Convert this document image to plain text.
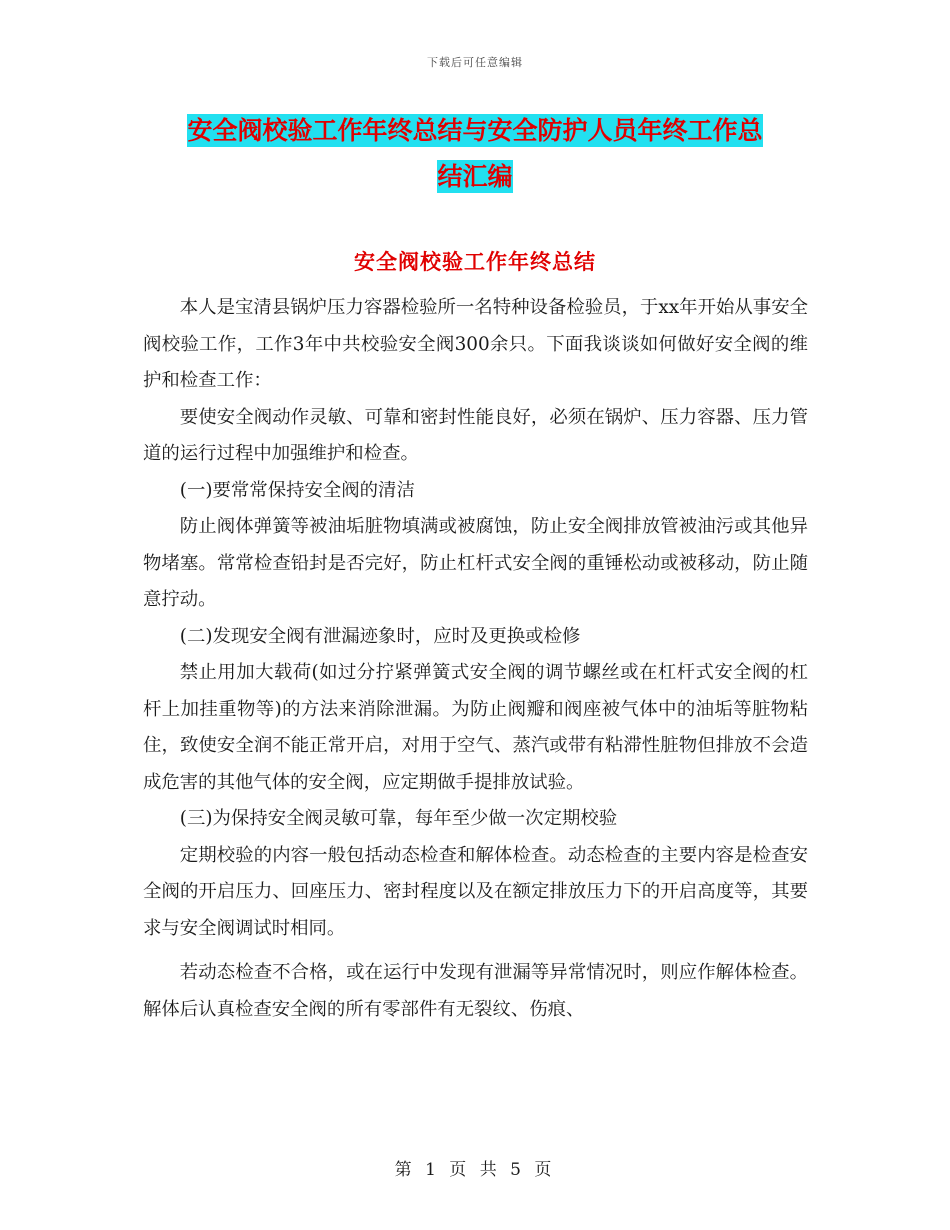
下载后可任意编辑
安全阀校验工作年终总结与安全防护人员年终工作总
结汇编
安全阀校验工作年终总结

本人是宝清县锅炉压力容器检验所一名特种设备检验员，于xx年开始从事安全阀校验工作，工作3年中共校验安全阀300余只。下面我谈谈如何做好安全阀的维护和检查工作：

要使安全阀动作灵敏、可靠和密封性能良好，必须在锅炉、压力容器、压力管道的运行过程中加强维护和检查。

(一)要常常保持安全阀的清洁

防止阀体弹簧等被油垢脏物填满或被腐蚀，防止安全阀排放管被油污或其他异物堵塞。常常检查铅封是否完好，防止杠杆式安全阀的重锤松动或被移动，防止随意拧动。

(二)发现安全阀有泄漏迹象时，应时及更换或检修

禁止用加大载荷(如过分拧紧弹簧式安全阀的调节螺丝或在杠杆式安全阀的杠杆上加挂重物等)的方法来消除泄漏。为防止阀瓣和阀座被气体中的油垢等脏物粘住，致使安全润不能正常开启，对用于空气、蒸汽或带有粘滞性脏物但排放不会造成危害的其他气体的安全阀，应定期做手提排放试验。

(三)为保持安全阀灵敏可靠，每年至少做一次定期校验

定期校验的内容一般包括动态检查和解体检查。动态检查的主要内容是检查安全阀的开启压力、回座压力、密封程度以及在额定排放压力下的开启高度等，其要求与安全阀调试时相同。

若动态检查不合格，或在运行中发现有泄漏等异常情况时，则应作解体检查。解体后认真检查安全阀的所有零部件有无裂纹、伤痕、

第 1 页 共 5 页
